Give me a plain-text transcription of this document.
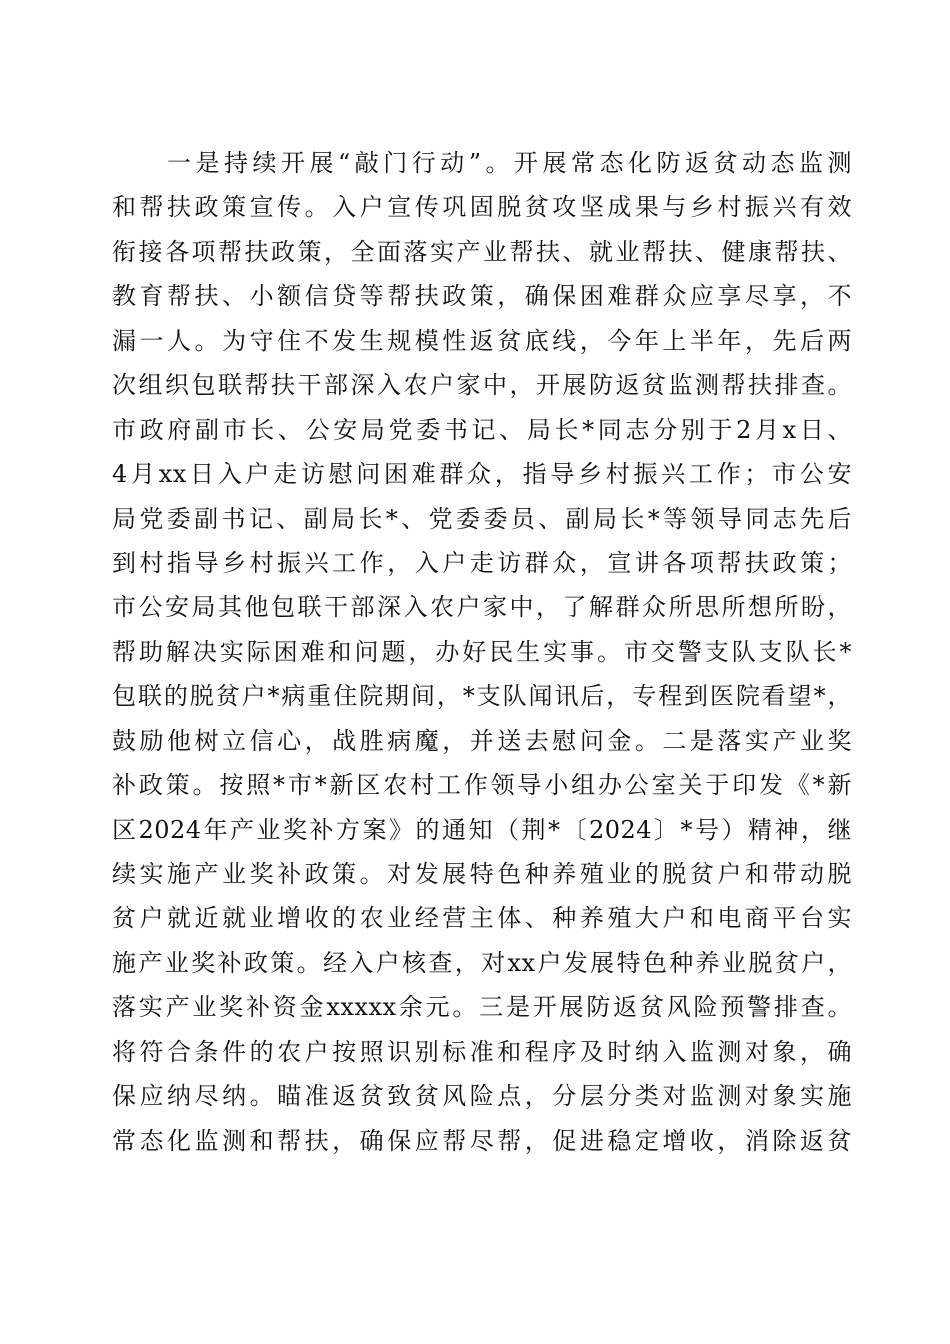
一是持续开展“敲门行动”。开展常态化防返贫动态监测
和帮扶政策宣传。入户宣传巩固脱贫攻坚成果与乡村振兴有效
衔接各项帮扶政策，全面落实产业帮扶、就业帮扶、健康帮扶、
教育帮扶、小额信贷等帮扶政策，确保困难群众应享尽享，不
漏一人。为守住不发生规模性返贫底线，今年上半年，先后两
次组织包联帮扶干部深入农户家中，开展防返贫监测帮扶排查。
市政府副市长、公安局党委书记、局长*同志分别于2月x日、
4月xx日入户走访慰问困难群众，指导乡村振兴工作；市公安
局党委副书记、副局长*、党委委员、副局长*等领导同志先后
到村指导乡村振兴工作，入户走访群众，宣讲各项帮扶政策；
市公安局其他包联干部深入农户家中，了解群众所思所想所盼，
帮助解决实际困难和问题，办好民生实事。市交警支队支队长*
包联的脱贫户*病重住院期间，*支队闻讯后，专程到医院看望*，
鼓励他树立信心，战胜病魔，并送去慰问金。二是落实产业奖
补政策。按照*市*新区农村工作领导小组办公室关于印发《*新
区2024年产业奖补方案》的通知（荆*〔2024〕*号）精神，继
续实施产业奖补政策。对发展特色种养殖业的脱贫户和带动脱
贫户就近就业增收的农业经营主体、种养殖大户和电商平台实
施产业奖补政策。经入户核查，对xx户发展特色种养业脱贫户，
落实产业奖补资金xxxxx余元。三是开展防返贫风险预警排查。
将符合条件的农户按照识别标准和程序及时纳入监测对象，确
保应纳尽纳。瞄准返贫致贫风险点，分层分类对监测对象实施
常态化监测和帮扶，确保应帮尽帮，促进稳定增收，消除返贫
